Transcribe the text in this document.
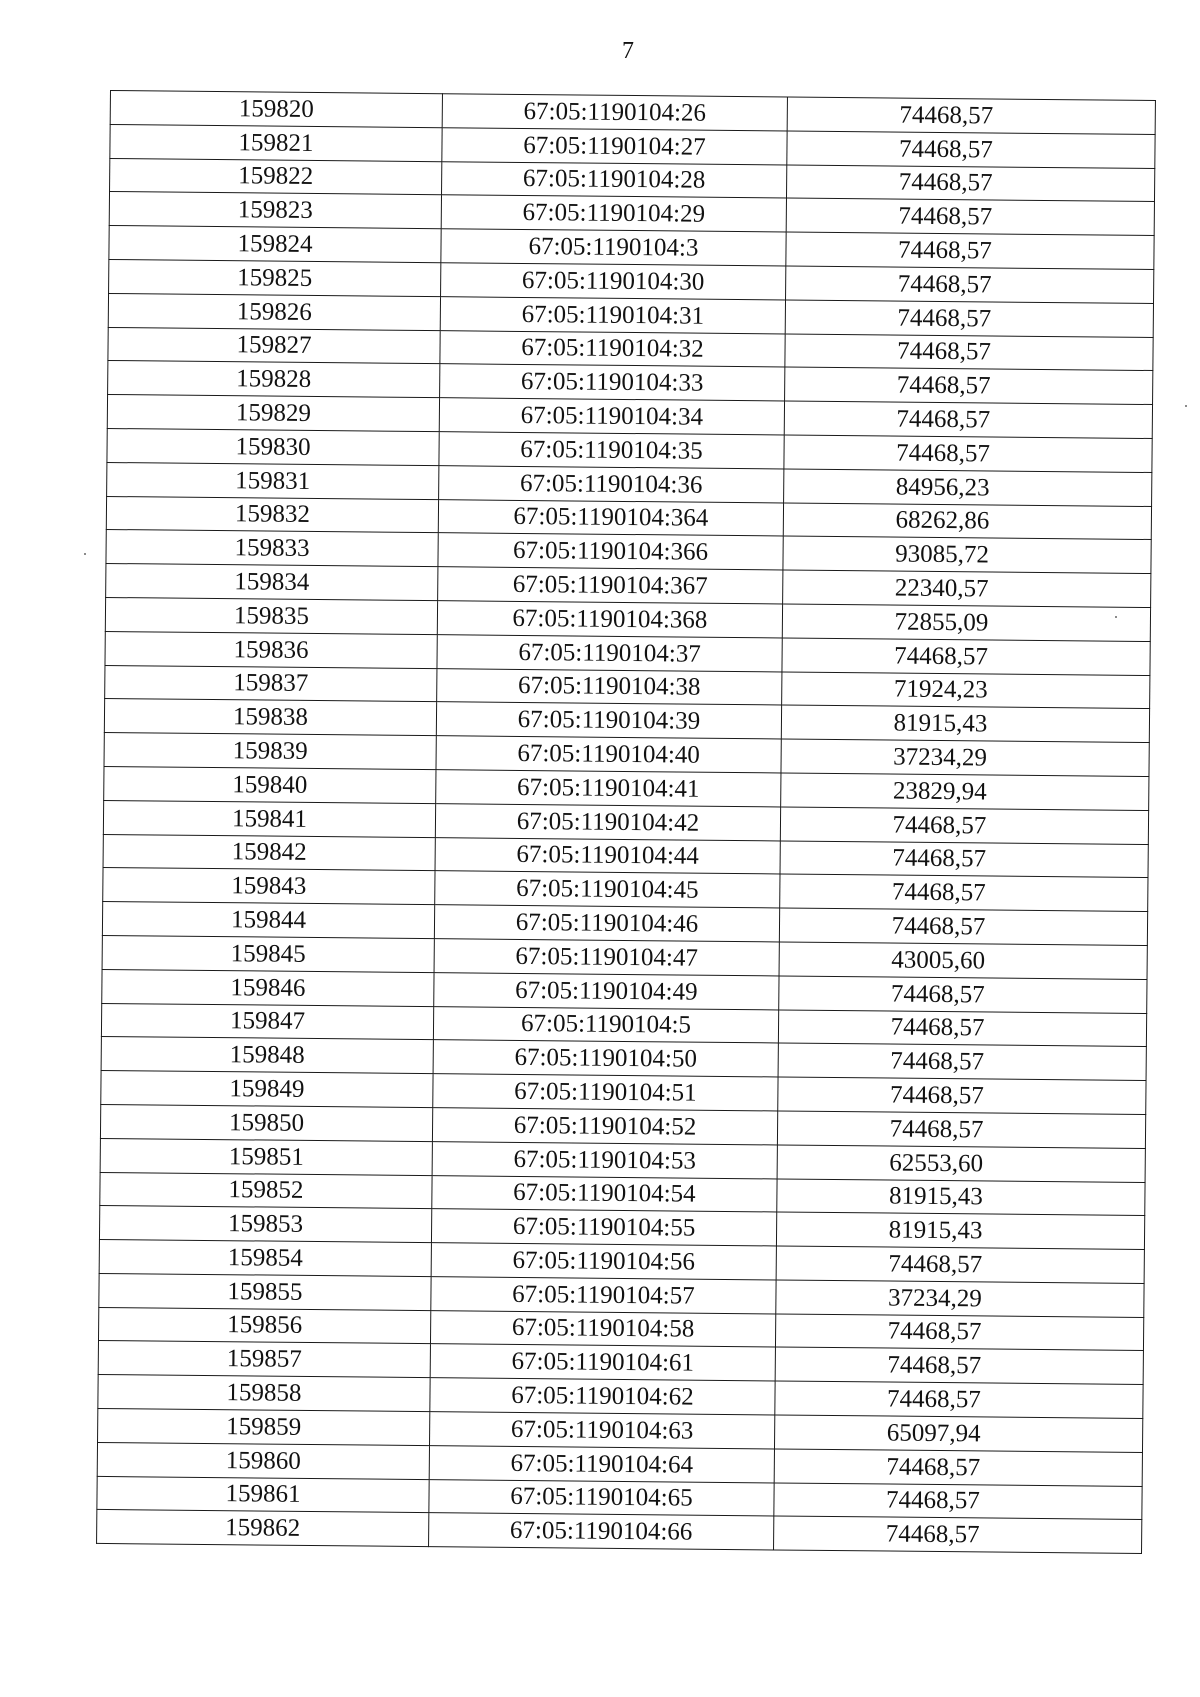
7
159820	67:05:1190104:26	74468,57
159821	67:05:1190104:27	74468,57
159822	67:05:1190104:28	74468,57
159823	67:05:1190104:29	74468,57
159824	67:05:1190104:3	74468,57
159825	67:05:1190104:30	74468,57
159826	67:05:1190104:31	74468,57
159827	67:05:1190104:32	74468,57
159828	67:05:1190104:33	74468,57
159829	67:05:1190104:34	74468,57
159830	67:05:1190104:35	74468,57
159831	67:05:1190104:36	84956,23
159832	67:05:1190104:364	68262,86
159833	67:05:1190104:366	93085,72
159834	67:05:1190104:367	22340,57
159835	67:05:1190104:368	72855,09
159836	67:05:1190104:37	74468,57
159837	67:05:1190104:38	71924,23
159838	67:05:1190104:39	81915,43
159839	67:05:1190104:40	37234,29
159840	67:05:1190104:41	23829,94
159841	67:05:1190104:42	74468,57
159842	67:05:1190104:44	74468,57
159843	67:05:1190104:45	74468,57
159844	67:05:1190104:46	74468,57
159845	67:05:1190104:47	43005,60
159846	67:05:1190104:49	74468,57
159847	67:05:1190104:5	74468,57
159848	67:05:1190104:50	74468,57
159849	67:05:1190104:51	74468,57
159850	67:05:1190104:52	74468,57
159851	67:05:1190104:53	62553,60
159852	67:05:1190104:54	81915,43
159853	67:05:1190104:55	81915,43
159854	67:05:1190104:56	74468,57
159855	67:05:1190104:57	37234,29
159856	67:05:1190104:58	74468,57
159857	67:05:1190104:61	74468,57
159858	67:05:1190104:62	74468,57
159859	67:05:1190104:63	65097,94
159860	67:05:1190104:64	74468,57
159861	67:05:1190104:65	74468,57
159862	67:05:1190104:66	74468,57
